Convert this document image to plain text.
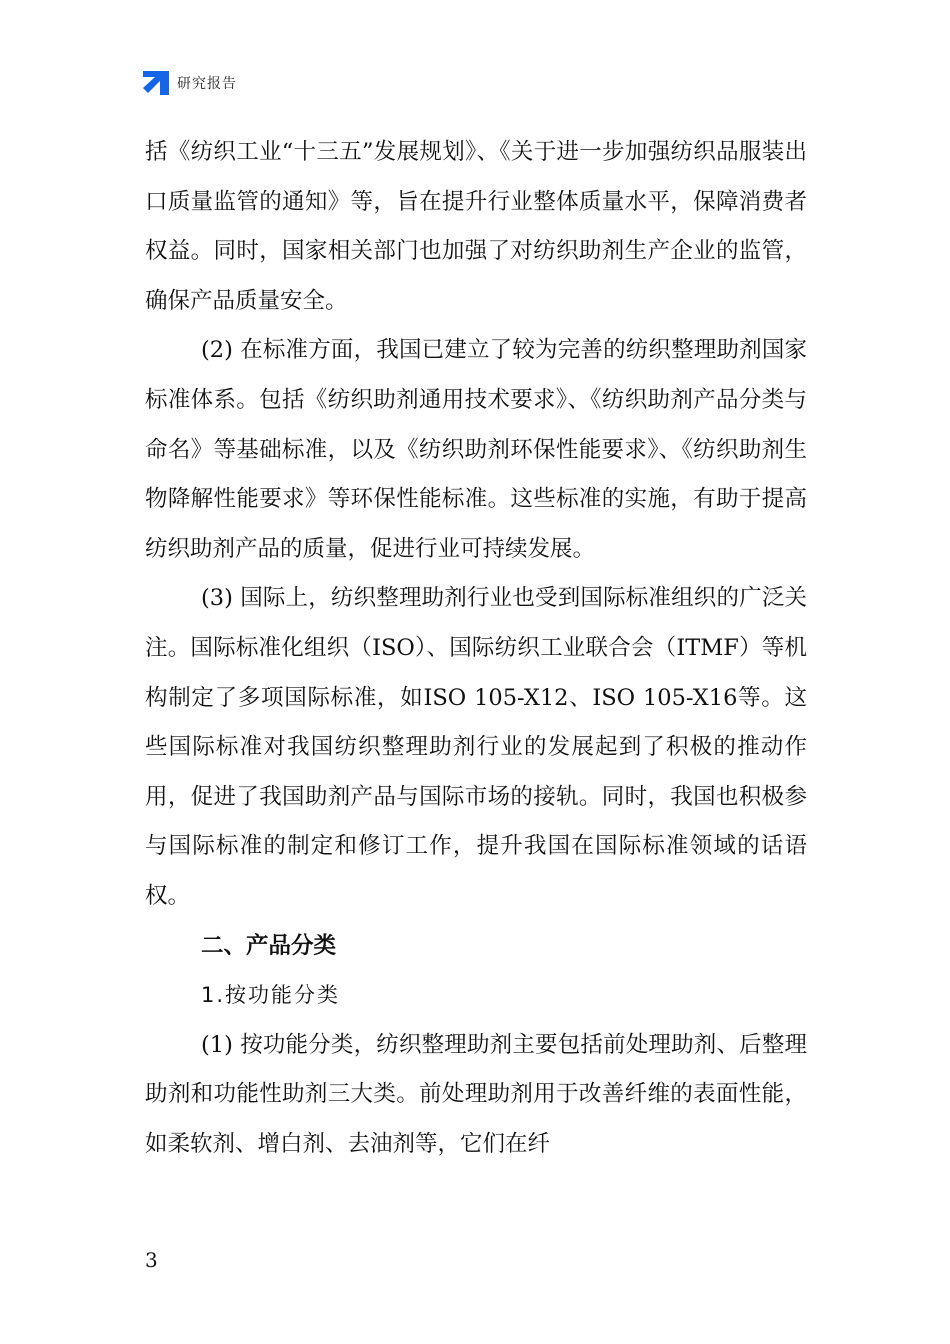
研究报告

括《纺织工业“十三五”发展规划》、《关于进一步加强纺织品服装出口质量监管的通知》等，旨在提升行业整体质量水平，保障消费者权益。同时，国家相关部门也加强了对纺织助剂生产企业的监管，确保产品质量安全。

(2) 在标准方面，我国已建立了较为完善的纺织整理助剂国家标准体系。包括《纺织助剂通用技术要求》、《纺织助剂产品分类与命名》等基础标准，以及《纺织助剂环保性能要求》、《纺织助剂生物降解性能要求》等环保性能标准。这些标准的实施，有助于提高纺织助剂产品的质量，促进行业可持续发展。

(3) 国际上，纺织整理助剂行业也受到国际标准组织的广泛关注。国际标准化组织（ISO）、国际纺织工业联合会（ITMF）等机构制定了多项国际标准，如ISO 105-X12、ISO 105-X16等。这些国际标准对我国纺织整理助剂行业的发展起到了积极的推动作用，促进了我国助剂产品与国际市场的接轨。同时，我国也积极参与国际标准的制定和修订工作，提升我国在国际标准领域的话语权。

二、产品分类

1.按功能分类

(1) 按功能分类，纺织整理助剂主要包括前处理助剂、后整理助剂和功能性助剂三大类。前处理助剂用于改善纤维的表面性能，如柔软剂、增白剂、去油剂等，它们在纤

3
